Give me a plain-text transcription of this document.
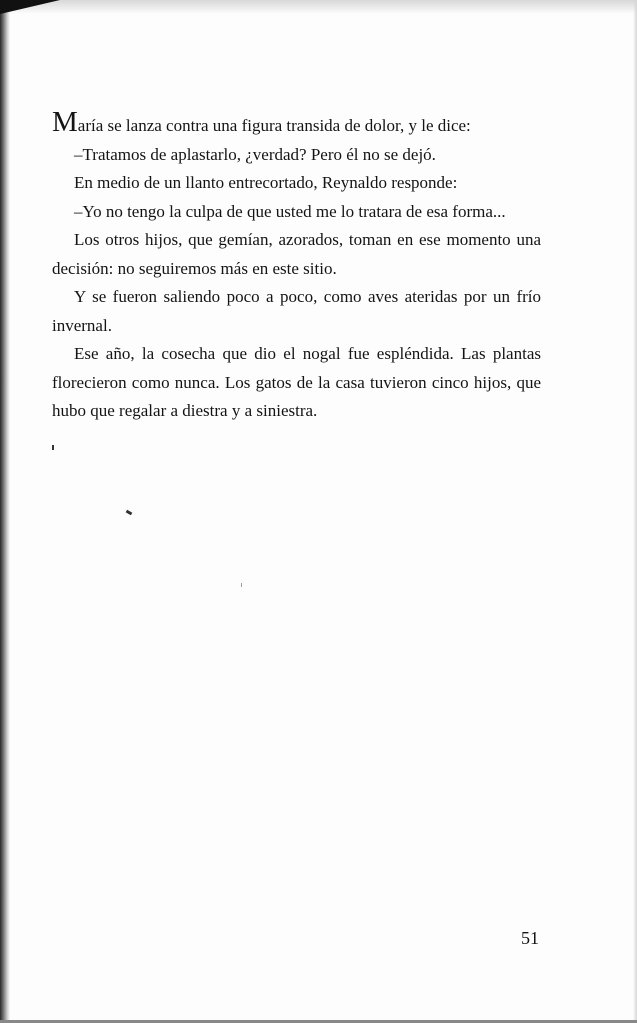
María se lanza contra una figura transida de dolor, y le dice:

–Tratamos de aplastarlo, ¿verdad? Pero él no se dejó.

En medio de un llanto entrecortado, Reynaldo responde:

–Yo no tengo la culpa de que usted me lo tratara de esa forma...

Los otros hijos, que gemían, azorados, toman en ese momento una decisión: no seguiremos más en este sitio.

Y se fueron saliendo poco a poco, como aves ateridas por un frío invernal.

Ese año, la cosecha que dio el nogal fue espléndida. Las plantas florecieron como nunca. Los gatos de la casa tuvieron cinco hijos, que hubo que regalar a diestra y a siniestra.

51
